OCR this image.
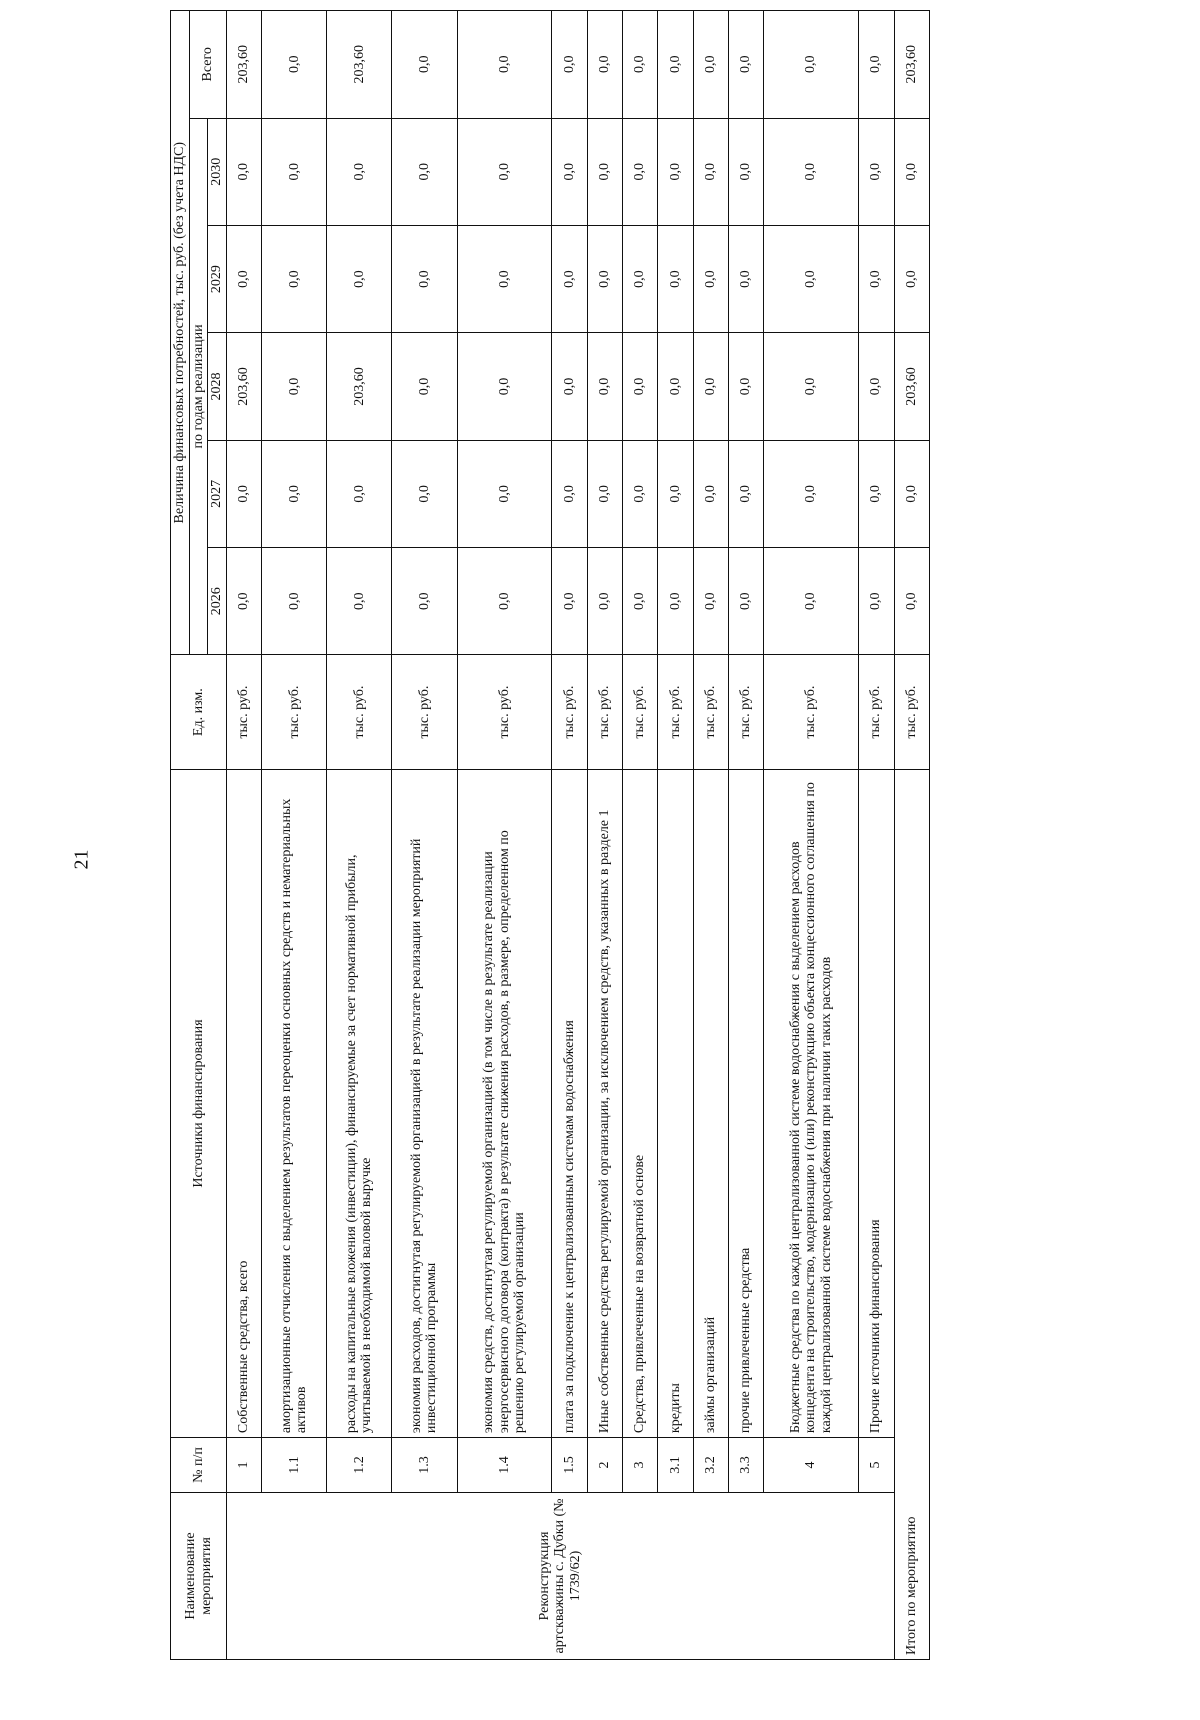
21
Наименование мероприятия	№ п/п	Источники финансирования	Ед. изм.	Величина финансовых потребностей, тыс. руб. (без учета НДС)					
				по годам реализации					Всего
				2026	2027	2028	2029	2030	
Реконструкция артскважины с. Дубки (№ 1739/62)	1	Собственные средства, всего	тыс. руб.	0,0	0,0	203,60	0,0	0,0	203,60
	1.1	амортизационные отчисления с выделением результатов переоценки основных средств и нематериальных активов	тыс. руб.	0,0	0,0	0,0	0,0	0,0	0,0
	1.2	расходы на капитальные вложения (инвестиции), финансируемые за счет нормативной прибыли, учитываемой в необходимой валовой выручке	тыс. руб.	0,0	0,0	203,60	0,0	0,0	203,60
	1.3	экономия расходов, достигнутая регулируемой организацией в результате реализации мероприятий инвестиционной программы	тыс. руб.	0,0	0,0	0,0	0,0	0,0	0,0
	1.4	экономия средств, достигнутая регулируемой организацией (в том числе в результате реализации энергосервисного договора (контракта) в результате снижения расходов, в размере, определенном по решению регулируемой организации	тыс. руб.	0,0	0,0	0,0	0,0	0,0	0,0
	1.5	плата за подключение к централизованным системам водоснабжения	тыс. руб.	0,0	0,0	0,0	0,0	0,0	0,0
	2	Иные собственные средства регулируемой организации, за исключением средств, указанных в разделе 1	тыс. руб.	0,0	0,0	0,0	0,0	0,0	0,0
	3	Средства, привлеченные на возвратной основе	тыс. руб.	0,0	0,0	0,0	0,0	0,0	0,0
	3.1	кредиты	тыс. руб.	0,0	0,0	0,0	0,0	0,0	0,0
	3.2	займы организаций	тыс. руб.	0,0	0,0	0,0	0,0	0,0	0,0
	3.3	прочие привлеченные средства	тыс. руб.	0,0	0,0	0,0	0,0	0,0	0,0
	4	Бюджетные средства по каждой централизованной системе водоснабжения с выделением расходов концедента на строительство, модернизацию и (или) реконструкцию объекта концессионного соглашения по каждой централизованной системе водоснабжения при наличии таких расходов	тыс. руб.	0,0	0,0	0,0	0,0	0,0	0,0
	5	Прочие источники финансирования	тыс. руб.	0,0	0,0	0,0	0,0	0,0	0,0
Итого по мероприятию			тыс. руб.	0,0	0,0	203,60	0,0	0,0	203,60
